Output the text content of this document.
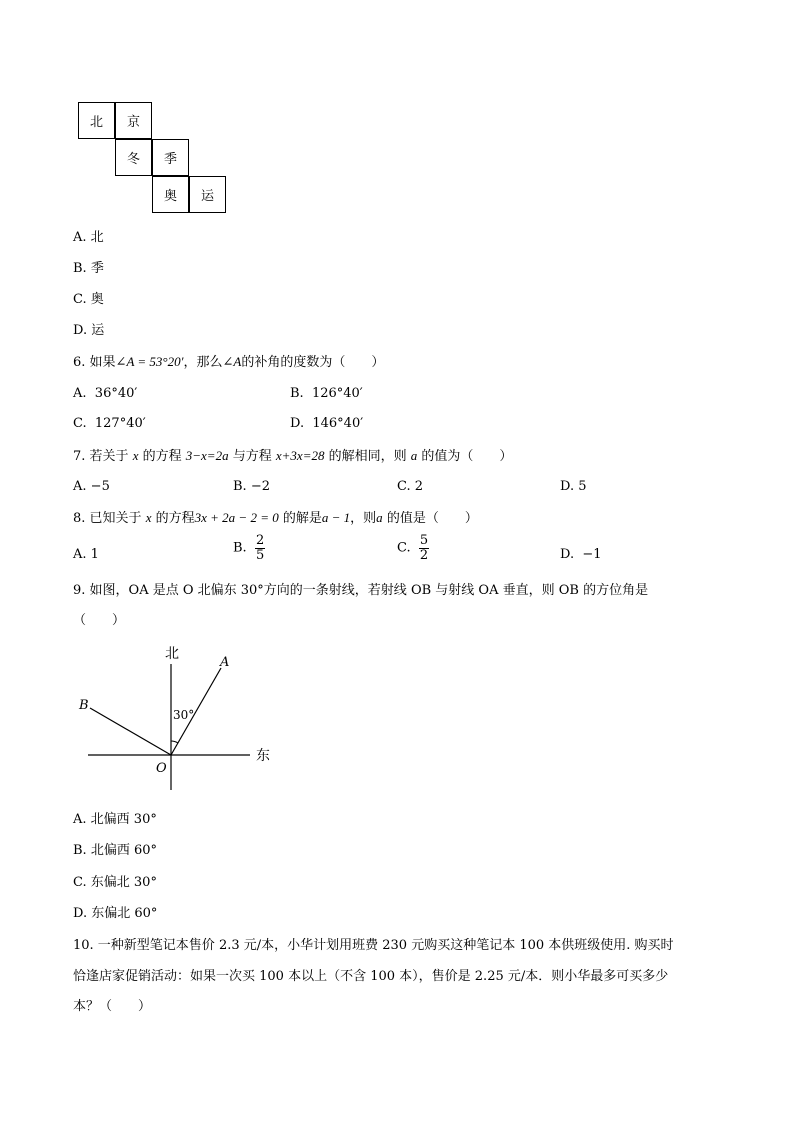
北	京
冬	季
奥	运
A. 北
B. 季
C. 奥
D. 运
6. 如果∠A = 53°20′，那么∠A的补角的度数为（　　）
A. 36°40′	B. 126°40′
C. 127°40′	D. 146°40′
7. 若关于 x 的方程 3−x=2a 与方程 x+3x=28 的解相同，则 a 的值为（　　）
A. −5	B. −2	C. 2	D. 5
8. 已知关于 x 的方程3x + 2a − 2 = 0 的解是a − 1，则a 的值是（　　）
A. 1	B. $\frac{2}{5}$	C. $\frac{5}{2}$	D. −1
9. 如图，OA 是点 O 北偏东 30°方向的一条射线，若射线 OB 与射线 OA 垂直，则 OB 的方位角是
（　　）
北
东
A
B
O
30°
A. 北偏西 30°
B. 北偏西 60°
C. 东偏北 30°
D. 东偏北 60°
10. 一种新型笔记本售价 2.3 元/本，小华计划用班费 230 元购买这种笔记本 100 本供班级使用. 购买时
恰逢店家促销活动：如果一次买 100 本以上（不含 100 本），售价是 2.25 元/本．则小华最多可买多少
本？（　　）
